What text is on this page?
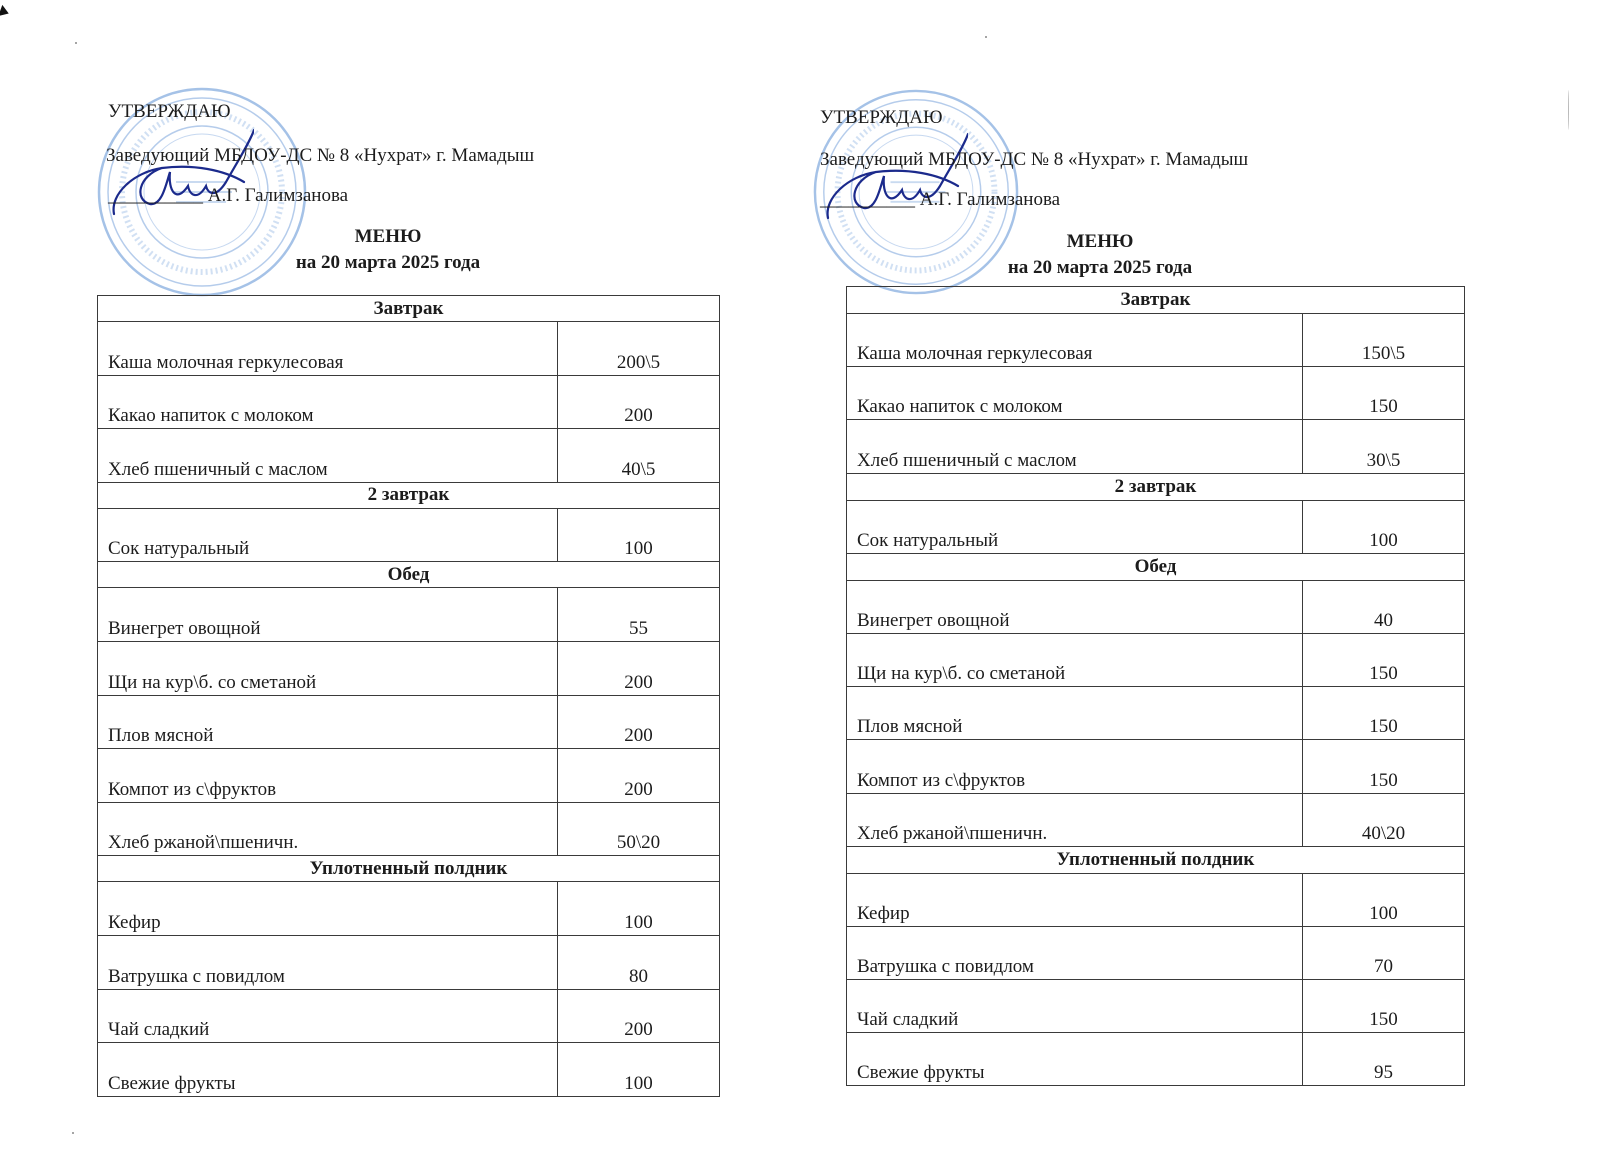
УТВЕРЖДАЮ
Заведующий МБДОУ-ДС № 8 «Нухрат» г. Мамадыш
__________ А.Г. Галимзанова
МЕНЮ
на 20 марта 2025 года
Завтрак	
Каша молочная геркулесовая	200\5
Какао напиток с молоком	200
Хлеб пшеничный с маслом	40\5
2 завтрак	
Сок натуральный	100
Обед	
Винегрет овощной	55
Щи на кур\б. со сметаной	200
Плов мясной	200
Компот из с\фруктов	200
Хлеб ржаной\пшеничн.	50\20
Уплотненный полдник	
Кефир	100
Ватрушка с повидлом	80
Чай сладкий	200
Свежие фрукты	100
УТВЕРЖДАЮ
Заведующий МБДОУ-ДС № 8 «Нухрат» г. Мамадыш
__________ А.Г. Галимзанова
МЕНЮ
на 20 марта 2025 года
Завтрак	
Каша молочная геркулесовая	150\5
Какао напиток с молоком	150
Хлеб пшеничный с маслом	30\5
2 завтрак	
Сок натуральный	100
Обед	
Винегрет овощной	40
Щи на кур\б. со сметаной	150
Плов мясной	150
Компот из с\фруктов	150
Хлеб ржаной\пшеничн.	40\20
Уплотненный полдник	
Кефир	100
Ватрушка с повидлом	70
Чай сладкий	150
Свежие фрукты	95
